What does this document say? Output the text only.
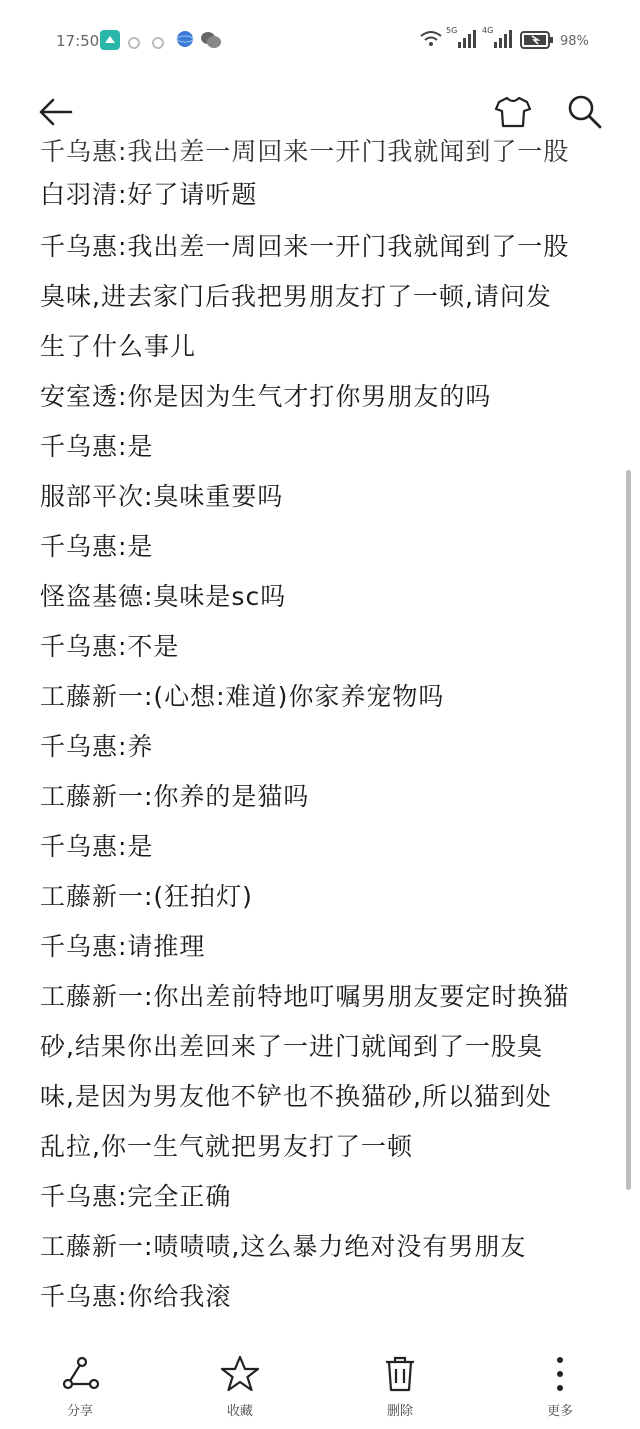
17:50
5G	4G
98%
千乌惠:我出差一周回来一开门我就闻到了一股
白羽清:好了请听题
千乌惠:我出差一周回来一开门我就闻到了一股
臭味,进去家门后我把男朋友打了一顿,请问发
生了什么事儿
安室透:你是因为生气才打你男朋友的吗
千乌惠:是
服部平次:臭味重要吗
千乌惠:是
怪盗基德:臭味是sc吗
千乌惠:不是
工藤新一:(心想:难道)你家养宠物吗
千乌惠:养
工藤新一:你养的是猫吗
千乌惠:是
工藤新一:(狂拍灯)
千乌惠:请推理
工藤新一:你出差前特地叮嘱男朋友要定时换猫
砂,结果你出差回来了一进门就闻到了一股臭
味,是因为男友他不铲也不换猫砂,所以猫到处
乱拉,你一生气就把男友打了一顿
千乌惠:完全正确
工藤新一:啧啧啧,这么暴力绝对没有男朋友
千乌惠:你给我滚
分享	收藏	删除	更多
